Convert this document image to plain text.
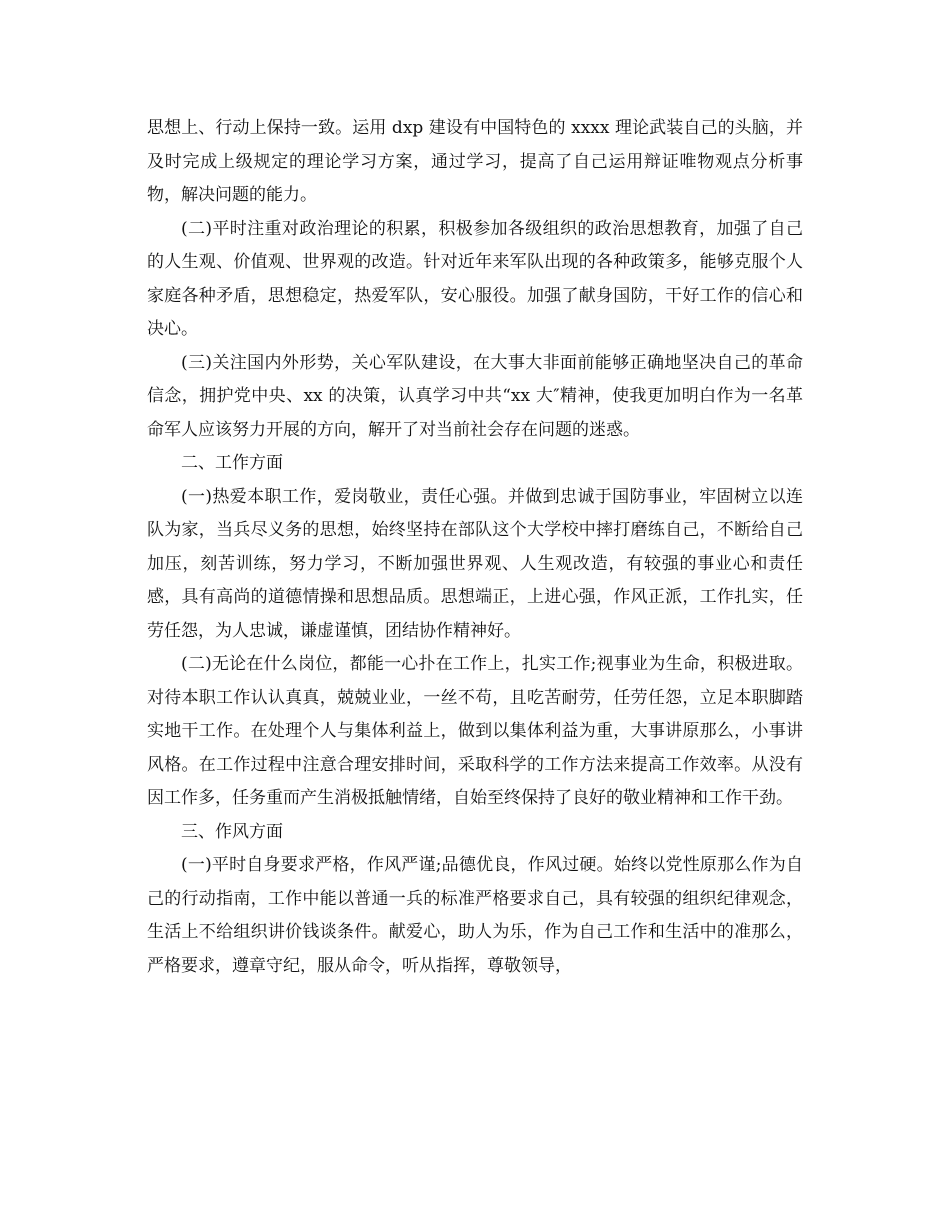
思想上、行动上保持一致。运用 dxp 建设有中国特色的 xxxx 理论武装自己的头脑，并及时完成上级规定的理论学习方案，通过学习，提高了自己运用辩证唯物观点分析事物，解决问题的能力。

(二)平时注重对政治理论的积累，积极参加各级组织的政治思想教育，加强了自己的人生观、价值观、世界观的改造。针对近年来军队出现的各种政策多，能够克服个人家庭各种矛盾，思想稳定，热爱军队，安心服役。加强了献身国防，干好工作的信心和决心。

(三)关注国内外形势，关心军队建设，在大事大非面前能够正确地坚决自己的革命信念，拥护党中央、xx 的决策，认真学习中共“xx 大″精神，使我更加明白作为一名革命军人应该努力开展的方向，解开了对当前社会存在问题的迷惑。

二、工作方面

(一)热爱本职工作，爱岗敬业，责任心强。并做到忠诚于国防事业，牢固树立以连队为家，当兵尽义务的思想，始终坚持在部队这个大学校中摔打磨练自己，不断给自己加压，刻苦训练，努力学习，不断加强世界观、人生观改造，有较强的事业心和责任感，具有高尚的道德情操和思想品质。思想端正，上进心强，作风正派，工作扎实，任劳任怨，为人忠诚，谦虚谨慎，团结协作精神好。

(二)无论在什么岗位，都能一心扑在工作上，扎实工作;视事业为生命，积极进取。对待本职工作认认真真，兢兢业业，一丝不苟，且吃苦耐劳，任劳任怨，立足本职脚踏实地干工作。在处理个人与集体利益上，做到以集体利益为重，大事讲原那么，小事讲风格。在工作过程中注意合理安排时间，采取科学的工作方法来提高工作效率。从没有因工作多，任务重而产生消极抵触情绪，自始至终保持了良好的敬业精神和工作干劲。

三、作风方面

(一)平时自身要求严格，作风严谨;品德优良，作风过硬。始终以党性原那么作为自己的行动指南，工作中能以普通一兵的标准严格要求自己，具有较强的组织纪律观念，生活上不给组织讲价钱谈条件。献爱心，助人为乐，作为自己工作和生活中的准那么，严格要求，遵章守纪，服从命令，听从指挥，尊敬领导，
